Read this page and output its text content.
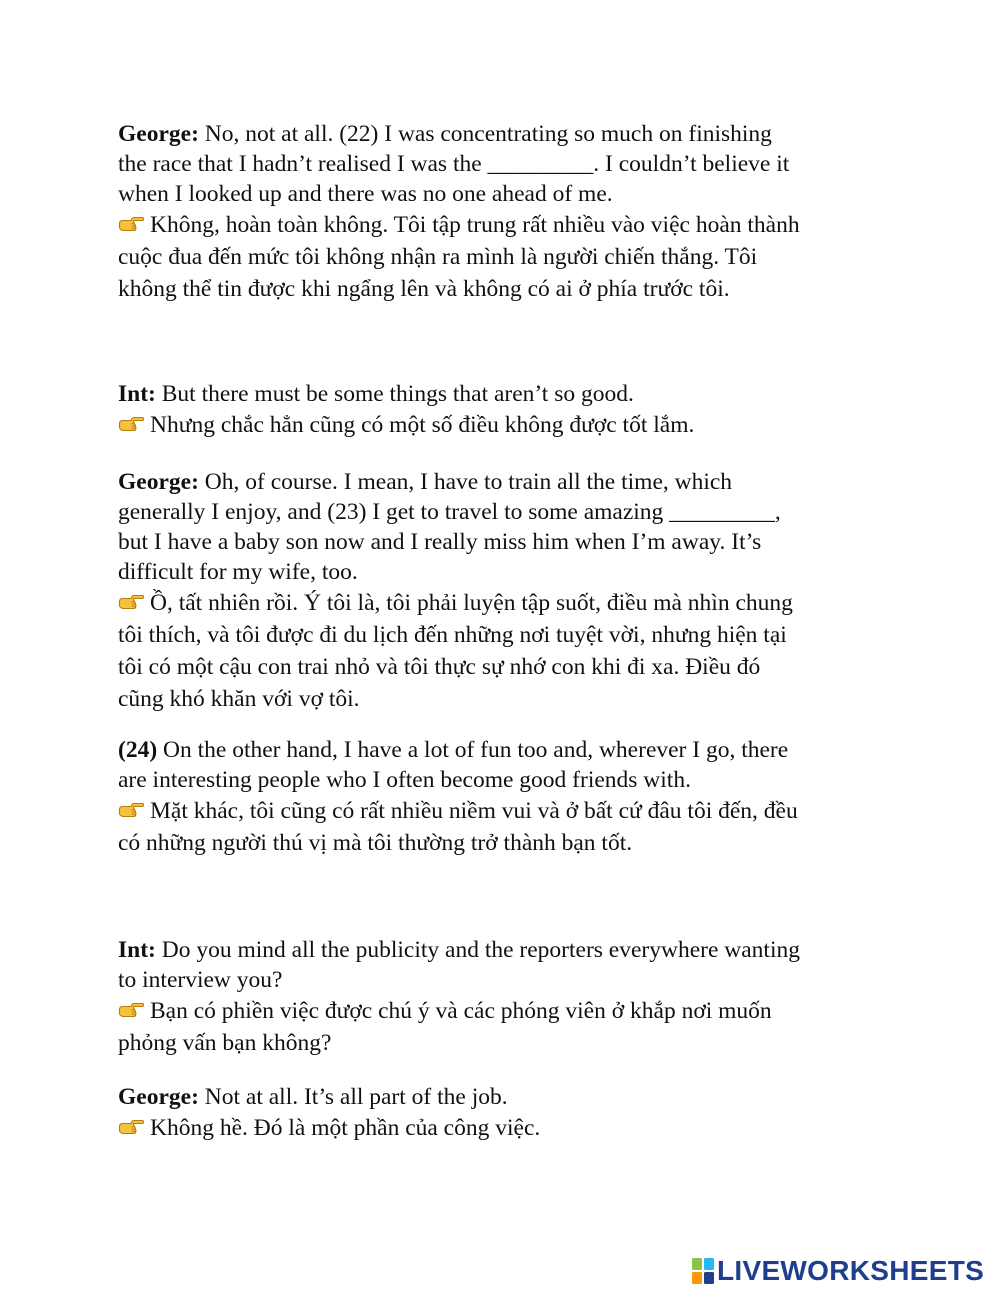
George: No, not at all. (22) I was concentrating so much on finishing
the race that I hadn’t realised I was the _________. I couldn’t believe it
when I looked up and there was no one ahead of me.
Không, hoàn toàn không. Tôi tập trung rất nhiều vào việc hoàn thành
cuộc đua đến mức tôi không nhận ra mình là người chiến thắng. Tôi
không thể tin được khi ngẩng lên và không có ai ở phía trước tôi.
Int: But there must be some things that aren’t so good.
Nhưng chắc hẳn cũng có một số điều không được tốt lắm.
George: Oh, of course. I mean, I have to train all the time, which
generally I enjoy, and (23) I get to travel to some amazing _________,
but I have a baby son now and I really miss him when I’m away. It’s
difficult for my wife, too.
Ồ, tất nhiên rồi. Ý tôi là, tôi phải luyện tập suốt, điều mà nhìn chung
tôi thích, và tôi được đi du lịch đến những nơi tuyệt vời, nhưng hiện tại
tôi có một cậu con trai nhỏ và tôi thực sự nhớ con khi đi xa. Điều đó
cũng khó khăn với vợ tôi.
(24) On the other hand, I have a lot of fun too and, wherever I go, there
are interesting people who I often become good friends with.
Mặt khác, tôi cũng có rất nhiều niềm vui và ở bất cứ đâu tôi đến, đều
có những người thú vị mà tôi thường trở thành bạn tốt.
Int: Do you mind all the publicity and the reporters everywhere wanting
to interview you?
Bạn có phiền việc được chú ý và các phóng viên ở khắp nơi muốn
phỏng vấn bạn không?
George: Not at all. It’s all part of the job.
Không hề. Đó là một phần của công việc.
LIVEWORKSHEETS
